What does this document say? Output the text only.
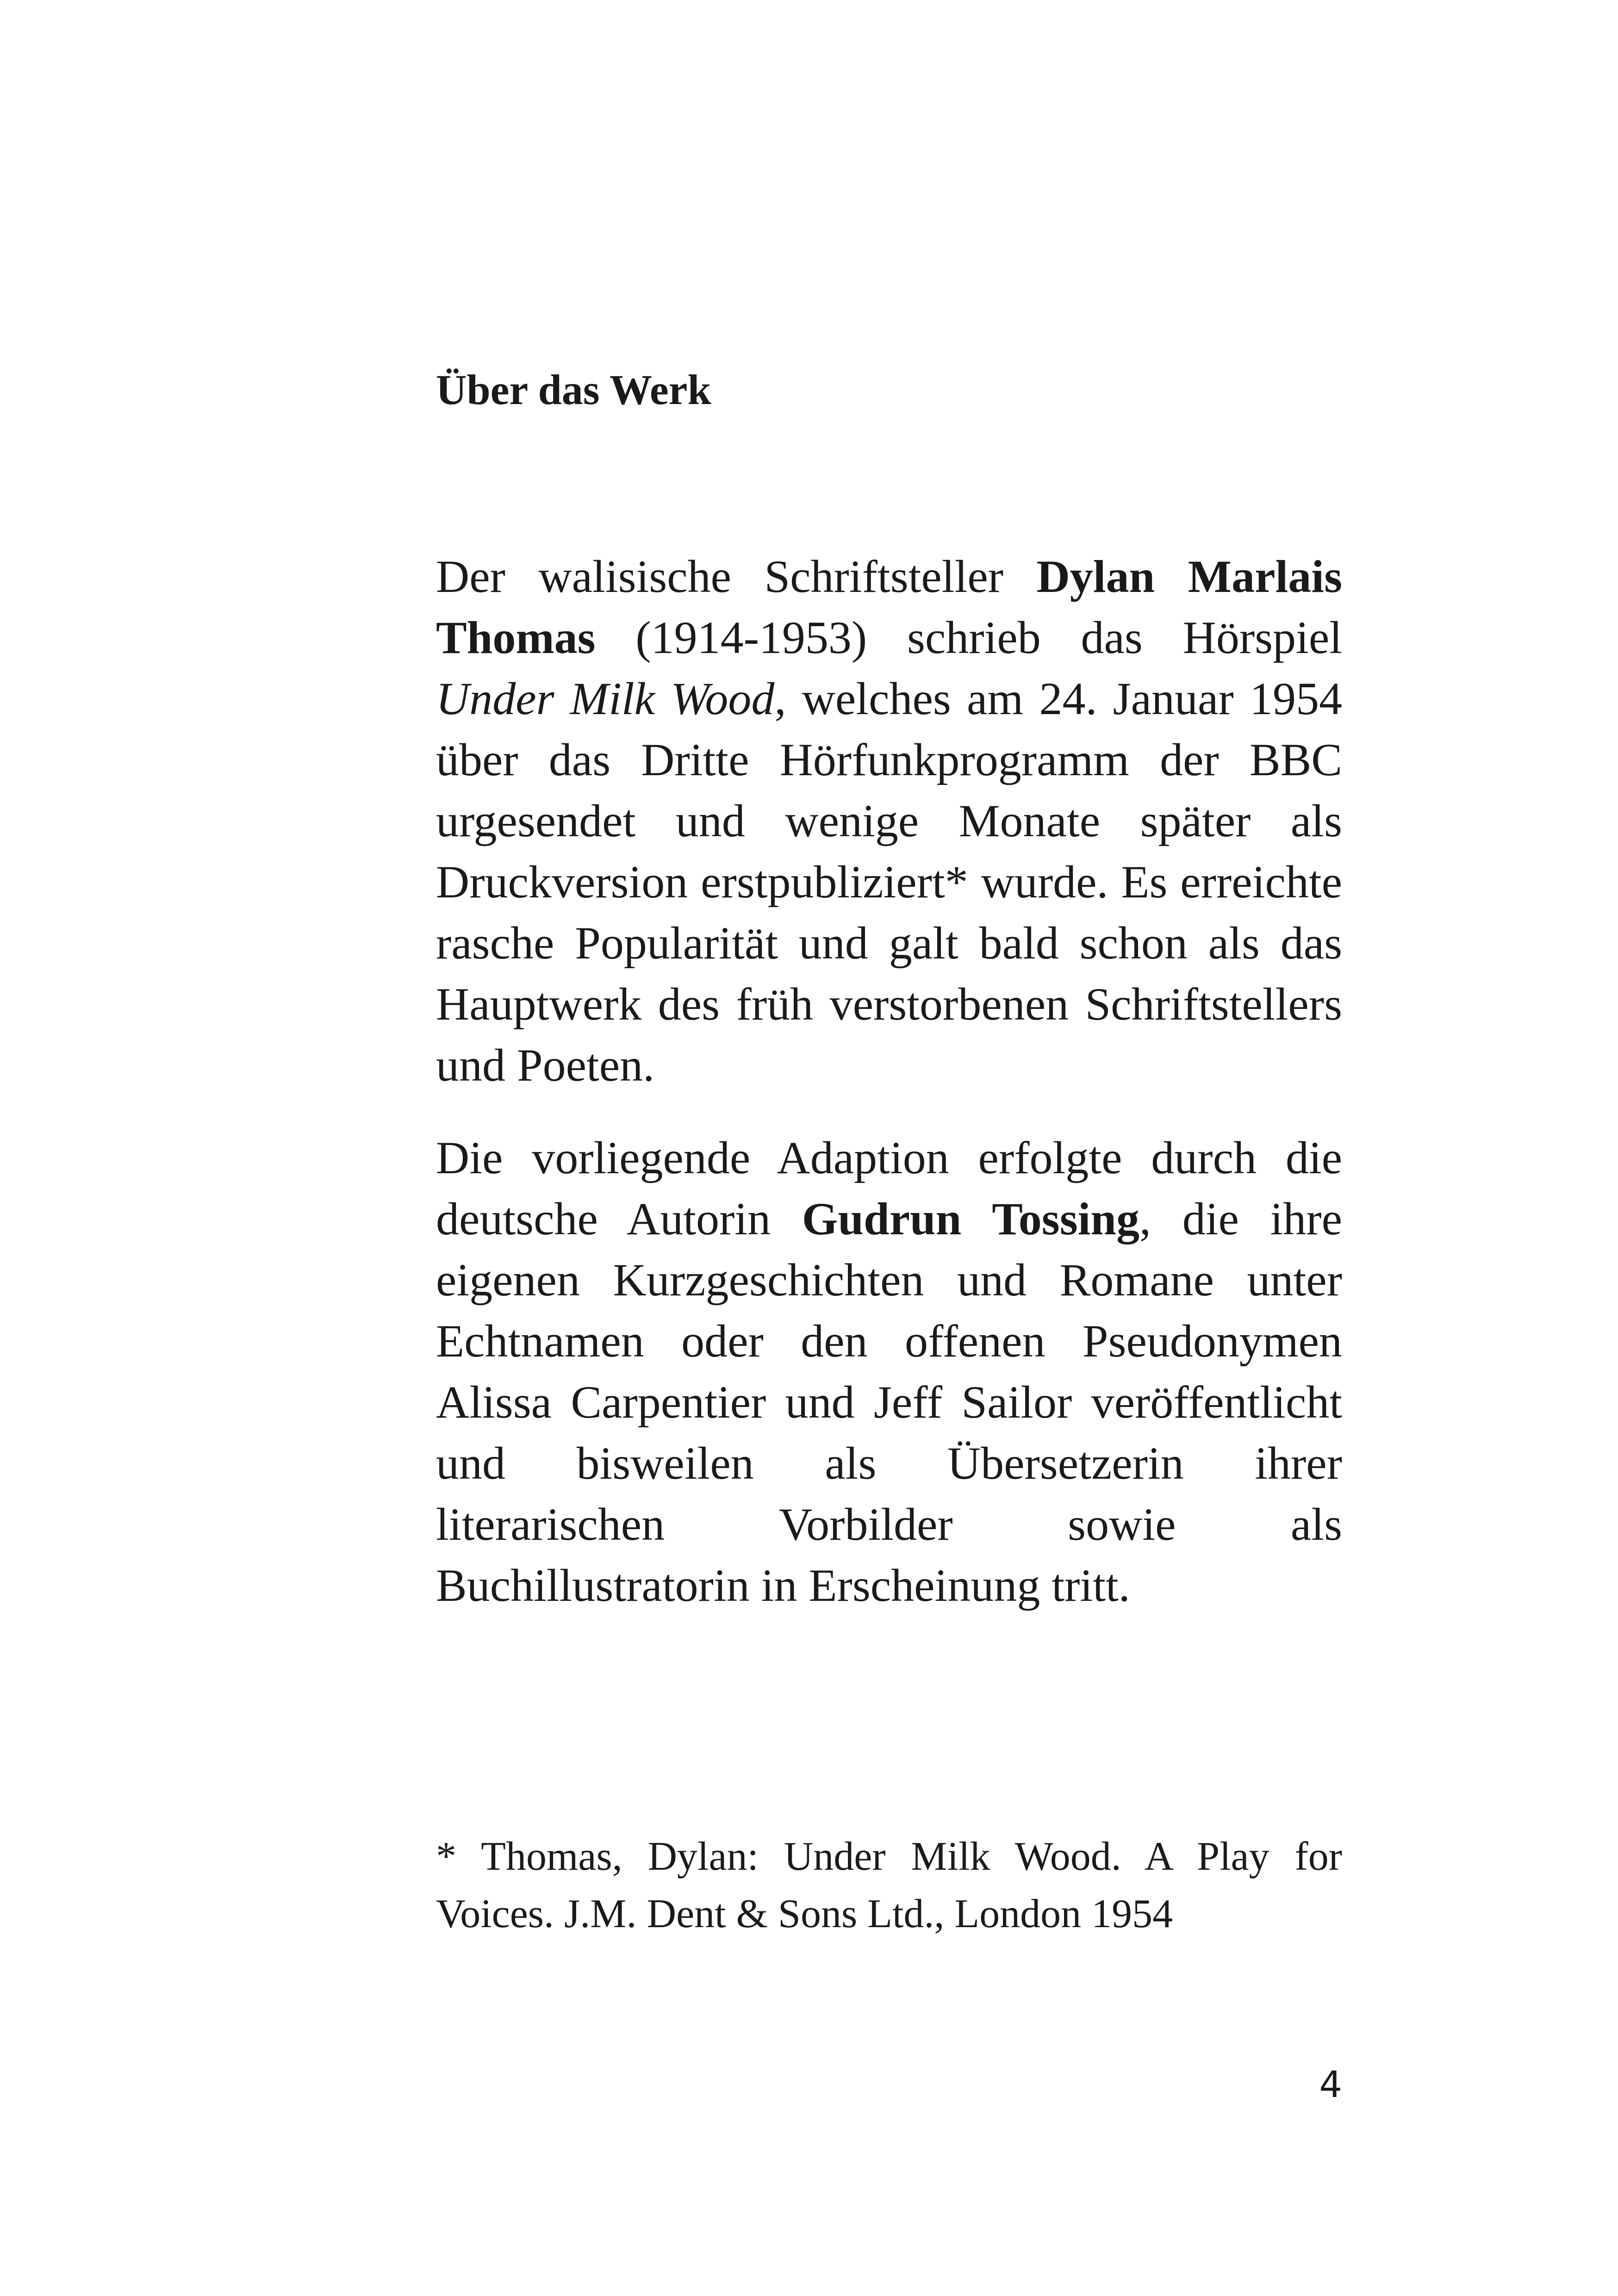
Über das Werk

Der walisische Schriftsteller Dylan Marlais Thomas (1914-1953) schrieb das Hörspiel Under Milk Wood, welches am 24. Januar 1954 über das Dritte Hörfunkprogramm der BBC urgesendet und wenige Monate später als Druckversion erstpubliziert* wurde. Es erreichte rasche Popularität und galt bald schon als das Hauptwerk des früh verstorbenen Schriftstellers und Poeten.

Die vorliegende Adaption erfolgte durch die deutsche Autorin Gudrun Tossing, die ihre eigenen Kurzgeschichten und Romane unter Echtnamen oder den offenen Pseudonymen Alissa Carpentier und Jeff Sailor veröffentlicht und bisweilen als Übersetzerin ihrer literarischen Vorbilder sowie als Buchillustratorin in Erscheinung tritt.

* Thomas, Dylan: Under Milk Wood. A Play for Voices. J.M. Dent & Sons Ltd., London 1954

4
